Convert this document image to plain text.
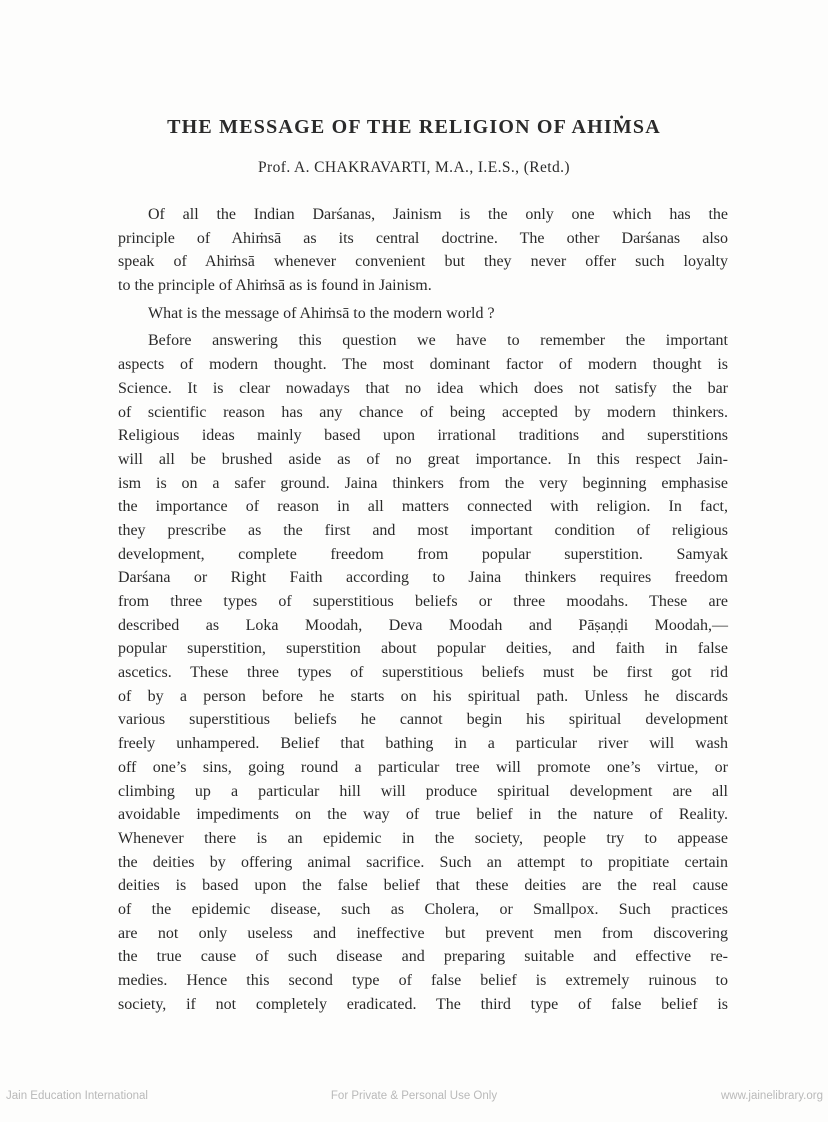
THE MESSAGE OF THE RELIGION OF AHIṀSA
Prof. A. CHAKRAVARTI, M.A., I.E.S., (Retd.)
Of all the Indian Darśanas, Jainism is the only one which has the
principle of Ahiṁsā as its central doctrine. The other Darśanas also
speak of Ahiṁsā whenever convenient but they never offer such loyalty
to the principle of Ahiṁsā as is found in Jainism.
What is the message of Ahiṁsā to the modern world ?
Before answering this question we have to remember the important
aspects of modern thought. The most dominant factor of modern thought is
Science. It is clear nowadays that no idea which does not satisfy the bar
of scientific reason has any chance of being accepted by modern thinkers.
Religious ideas mainly based upon irrational traditions and superstitions
will all be brushed aside as of no great importance. In this respect Jain-
ism is on a safer ground. Jaina thinkers from the very beginning emphasise
the importance of reason in all matters connected with religion. In fact,
they prescribe as the first and most important condition of religious
development, complete freedom from popular superstition. Samyak
Darśana or Right Faith according to Jaina thinkers requires freedom
from three types of superstitious beliefs or three moodahs. These are
described as Loka Moodah, Deva Moodah and Pāṣaṇḍi Moodah,—
popular superstition, superstition about popular deities, and faith in false
ascetics. These three types of superstitious beliefs must be first got rid
of by a person before he starts on his spiritual path. Unless he discards
various superstitious beliefs he cannot begin his spiritual development
freely unhampered. Belief that bathing in a particular river will wash
off one’s sins, going round a particular tree will promote one’s virtue, or
climbing up a particular hill will produce spiritual development are all
avoidable impediments on the way of true belief in the nature of Reality.
Whenever there is an epidemic in the society, people try to appease
the deities by offering animal sacrifice. Such an attempt to propitiate certain
deities is based upon the false belief that these deities are the real cause
of the epidemic disease, such as Cholera, or Smallpox. Such practices
are not only useless and ineffective but prevent men from discovering
the true cause of such disease and preparing suitable and effective re-
medies. Hence this second type of false belief is extremely ruinous to
society, if not completely eradicated. The third type of false belief is
Jain Education International	For Private & Personal Use Only	www.jainelibrary.org
